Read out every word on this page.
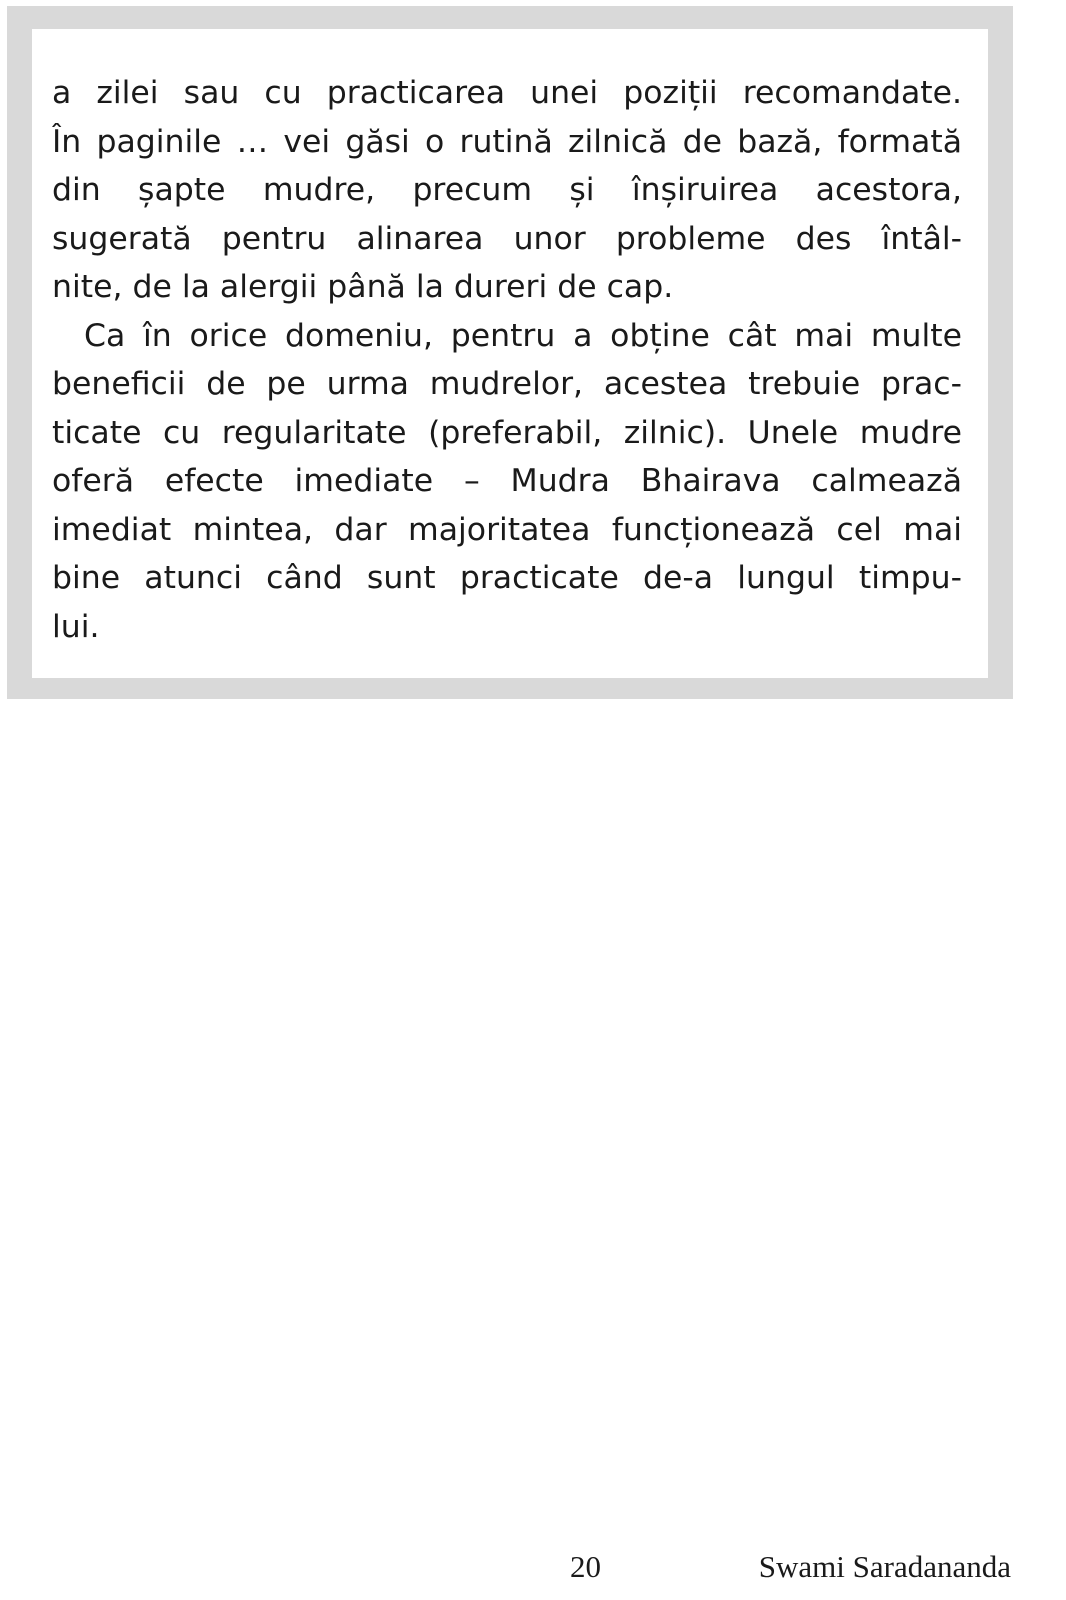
a zilei sau cu practicarea unei poziții recomandate.
În paginile … vei găsi o rutină zilnică de bază, formată
din șapte mudre, precum și înșiruirea acestora,
sugerată pentru alinarea unor probleme des întâl-
nite, de la alergii până la dureri de cap.
Ca în orice domeniu, pentru a obține cât mai multe
beneficii de pe urma mudrelor, acestea trebuie prac-
ticate cu regularitate (preferabil, zilnic). Unele mudre
oferă efecte imediate – Mudra Bhairava calmează
imediat mintea, dar majoritatea funcționează cel mai
bine atunci când sunt practicate de-a lungul timpu-
lui.
20	Swami Saradananda
